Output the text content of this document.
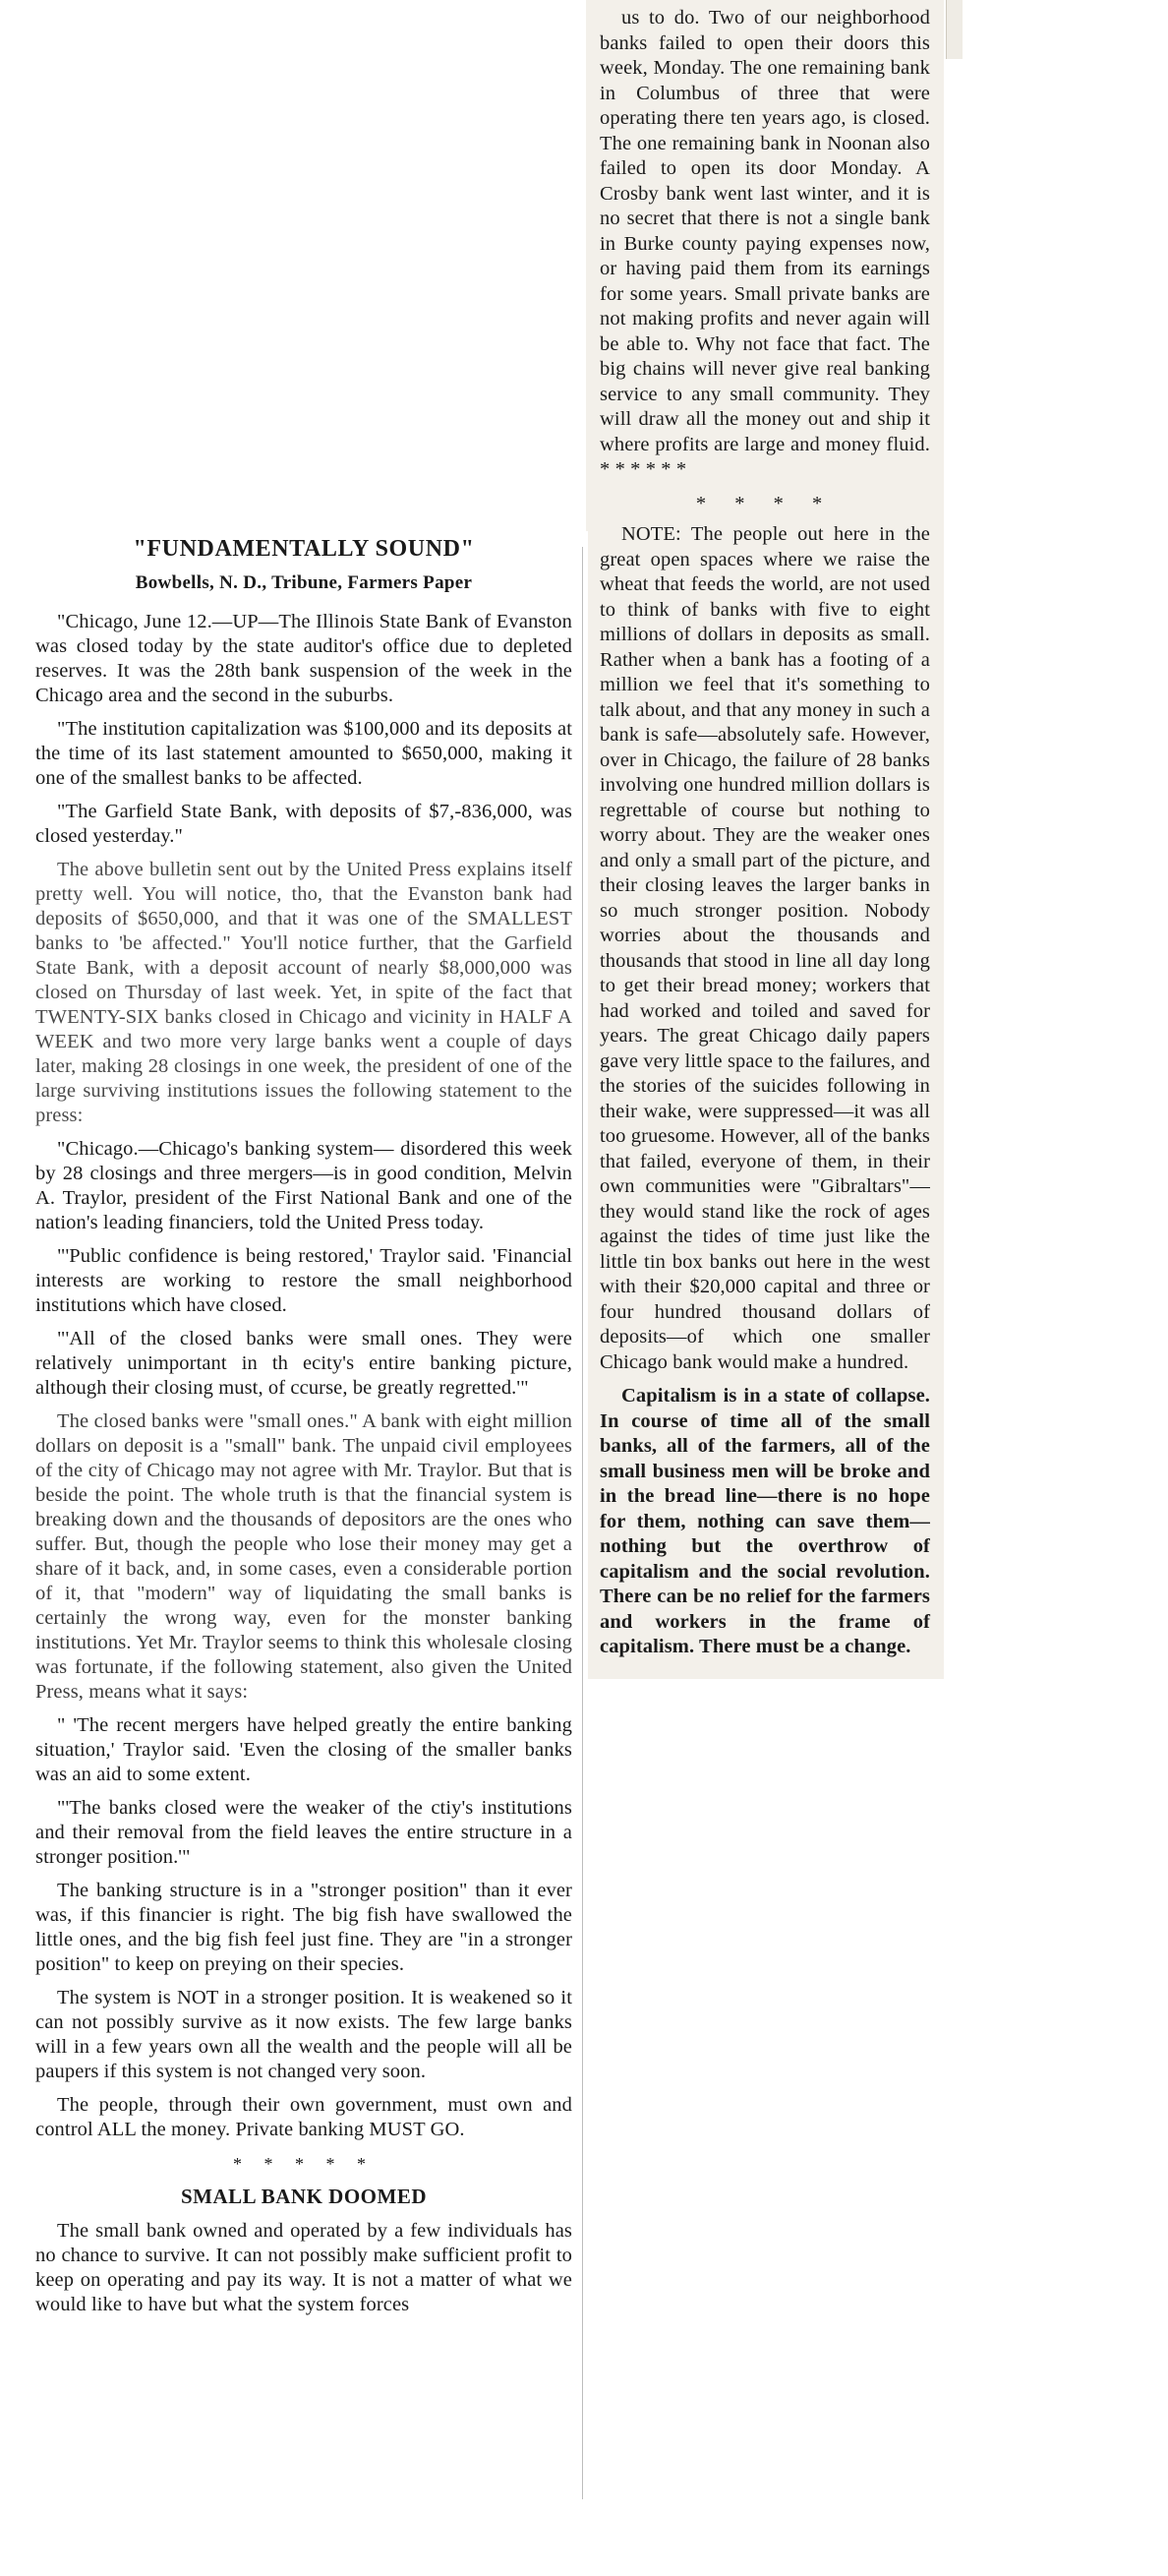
us to do. Two of our neighborhood banks failed to open their doors this week, Monday. The one remaining bank in Columbus of three that were operating there ten years ago, is closed. The one remaining bank in Noonan also failed to open its door Monday. A Crosby bank went last winter, and it is no secret that there is not a single bank in Burke county paying expenses now, or having paid them from its earnings for some years. Small private banks are not making profits and never again will be able to. Why not face that fact. The big chains will never give real banking service to any small community. They will draw all the money out and ship it where profits are large and money fluid. * * * * * *

* * * *

NOTE: The people out here in the great open spaces where we raise the wheat that feeds the world, are not used to think of banks with five to eight millions of dollars in deposits as small. Rather when a bank has a footing of a million we feel that it's something to talk about, and that any money in such a bank is safe—absolutely safe. However, over in Chicago, the failure of 28 banks involving one hundred million dollars is regrettable of course but nothing to worry about. They are the weaker ones and only a small part of the picture, and their closing leaves the larger banks in so much stronger position. Nobody worries about the thousands and thousands that stood in line all day long to get their bread money; workers that had worked and toiled and saved for years. The great Chicago daily papers gave very little space to the failures, and the stories of the suicides following in their wake, were suppressed—it was all too gruesome. However, all of the banks that failed, everyone of them, in their own communities were "Gibraltars"—they would stand like the rock of ages against the tides of time just like the little tin box banks out here in the west with their $20,000 capital and three or four hundred thousand dollars of deposits—of which one smaller Chicago bank would make a hundred.

Capitalism is in a state of collapse. In course of time all of the small banks, all of the farmers, all of the small business men will be broke and in the bread line—there is no hope for them, nothing can save them—nothing but the overthrow of capitalism and the social revolution. There can be no relief for the farmers and workers in the frame of capitalism. There must be a change.

"FUNDAMENTALLY SOUND"
Bowbells, N. D., Tribune, Farmers Paper

"Chicago, June 12.—UP—The Illinois State Bank of Evanston was closed today by the state auditor's office due to depleted reserves. It was the 28th bank suspension of the week in the Chicago area and the second in the suburbs.

"The institution capitalization was $100,000 and its deposits at the time of its last statement amounted to $650,000, making it one of the smallest banks to be affected.

"The Garfield State Bank, with deposits of $7,-836,000, was closed yesterday."

The above bulletin sent out by the United Press explains itself pretty well. You will notice, tho, that the Evanston bank had deposits of $650,000, and that it was one of the SMALLEST banks to 'be affected." You'll notice further, that the Garfield State Bank, with a deposit account of nearly $8,000,000 was closed on Thursday of last week. Yet, in spite of the fact that TWENTY-SIX banks closed in Chicago and vicinity in HALF A WEEK and two more very large banks went a couple of days later, making 28 closings in one week, the president of one of the large surviving institutions issues the following statement to the press:

"Chicago.—Chicago's banking system— disordered this week by 28 closings and three mergers—is in good condition, Melvin A. Traylor, president of the First National Bank and one of the nation's leading financiers, told the United Press today.

"'Public confidence is being restored,' Traylor said. 'Financial interests are working to restore the small neighborhood institutions which have closed.

"'All of the closed banks were small ones. They were relatively unimportant in th ecity's entire banking picture, although their closing must, of ccurse, be greatly regretted.'"

The closed banks were "small ones." A bank with eight million dollars on deposit is a "small" bank. The unpaid civil employees of the city of Chicago may not agree with Mr. Traylor. But that is beside the point. The whole truth is that the financial system is breaking down and the thousands of depositors are the ones who suffer. But, though the people who lose their money may get a share of it back, and, in some cases, even a considerable portion of it, that "modern" way of liquidating the small banks is certainly the wrong way, even for the monster banking institutions. Yet Mr. Traylor seems to think this wholesale closing was fortunate, if the following statement, also given the United Press, means what it says:

" 'The recent mergers have helped greatly the entire banking situation,' Traylor said. 'Even the closing of the smaller banks was an aid to some extent.

"'The banks closed were the weaker of the ctiy's institutions and their removal from the field leaves the entire structure in a stronger position.'"

The banking structure is in a "stronger position" than it ever was, if this financier is right. The big fish have swallowed the little ones, and the big fish feel just fine. They are "in a stronger position" to keep on preying on their species.

The system is NOT in a stronger position. It is weakened so it can not possibly survive as it now exists. The few large banks will in a few years own all the wealth and the people will all be paupers if this system is not changed very soon.

The people, through their own government, must own and control ALL the money. Private banking MUST GO.

* * * * *
SMALL BANK DOOMED

The small bank owned and operated by a few individuals has no chance to survive. It can not possibly make sufficient profit to keep on operating and pay its way. It is not a matter of what we would like to have but what the system forces
